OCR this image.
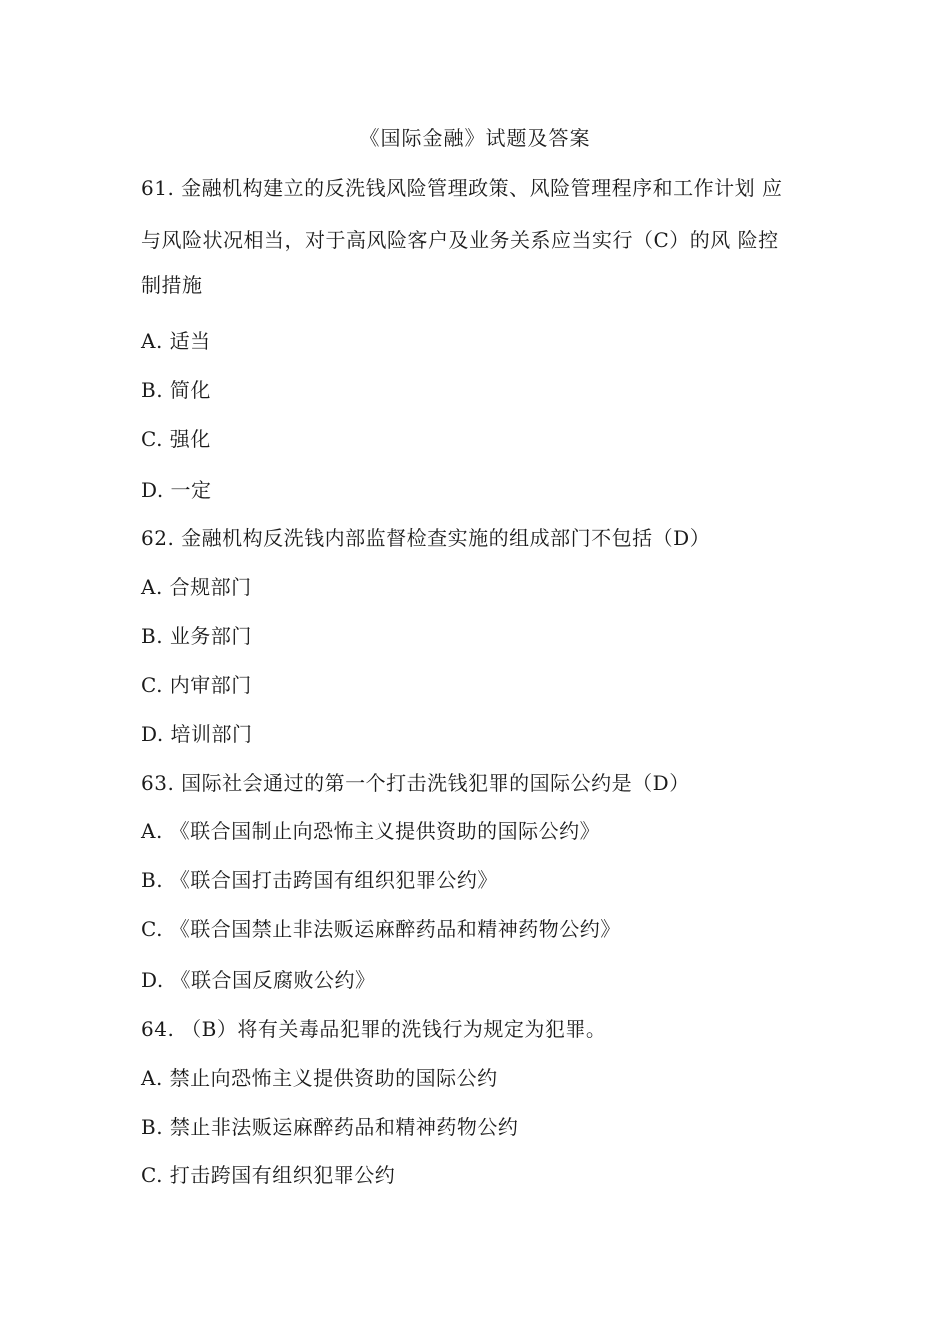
《国际金融》试题及答案
61. 金融机构建立的反洗钱风险管理政策、风险管理程序和工作计划 应
与风险状况相当，对于高风险客户及业务关系应当实行（C）的风 险控
制措施
A. 适当
B. 简化
C. 强化
D. 一定
62. 金融机构反洗钱内部监督检查实施的组成部门不包括（D）
A. 合规部门
B. 业务部门
C. 内审部门
D. 培训部门
63. 国际社会通过的第一个打击洗钱犯罪的国际公约是（D）
A. 《联合国制止向恐怖主义提供资助的国际公约》
B. 《联合国打击跨国有组织犯罪公约》
C. 《联合国禁止非法贩运麻醉药品和精神药物公约》
D. 《联合国反腐败公约》
64. （B）将有关毒品犯罪的洗钱行为规定为犯罪。
A. 禁止向恐怖主义提供资助的国际公约
B. 禁止非法贩运麻醉药品和精神药物公约
C. 打击跨国有组织犯罪公约
